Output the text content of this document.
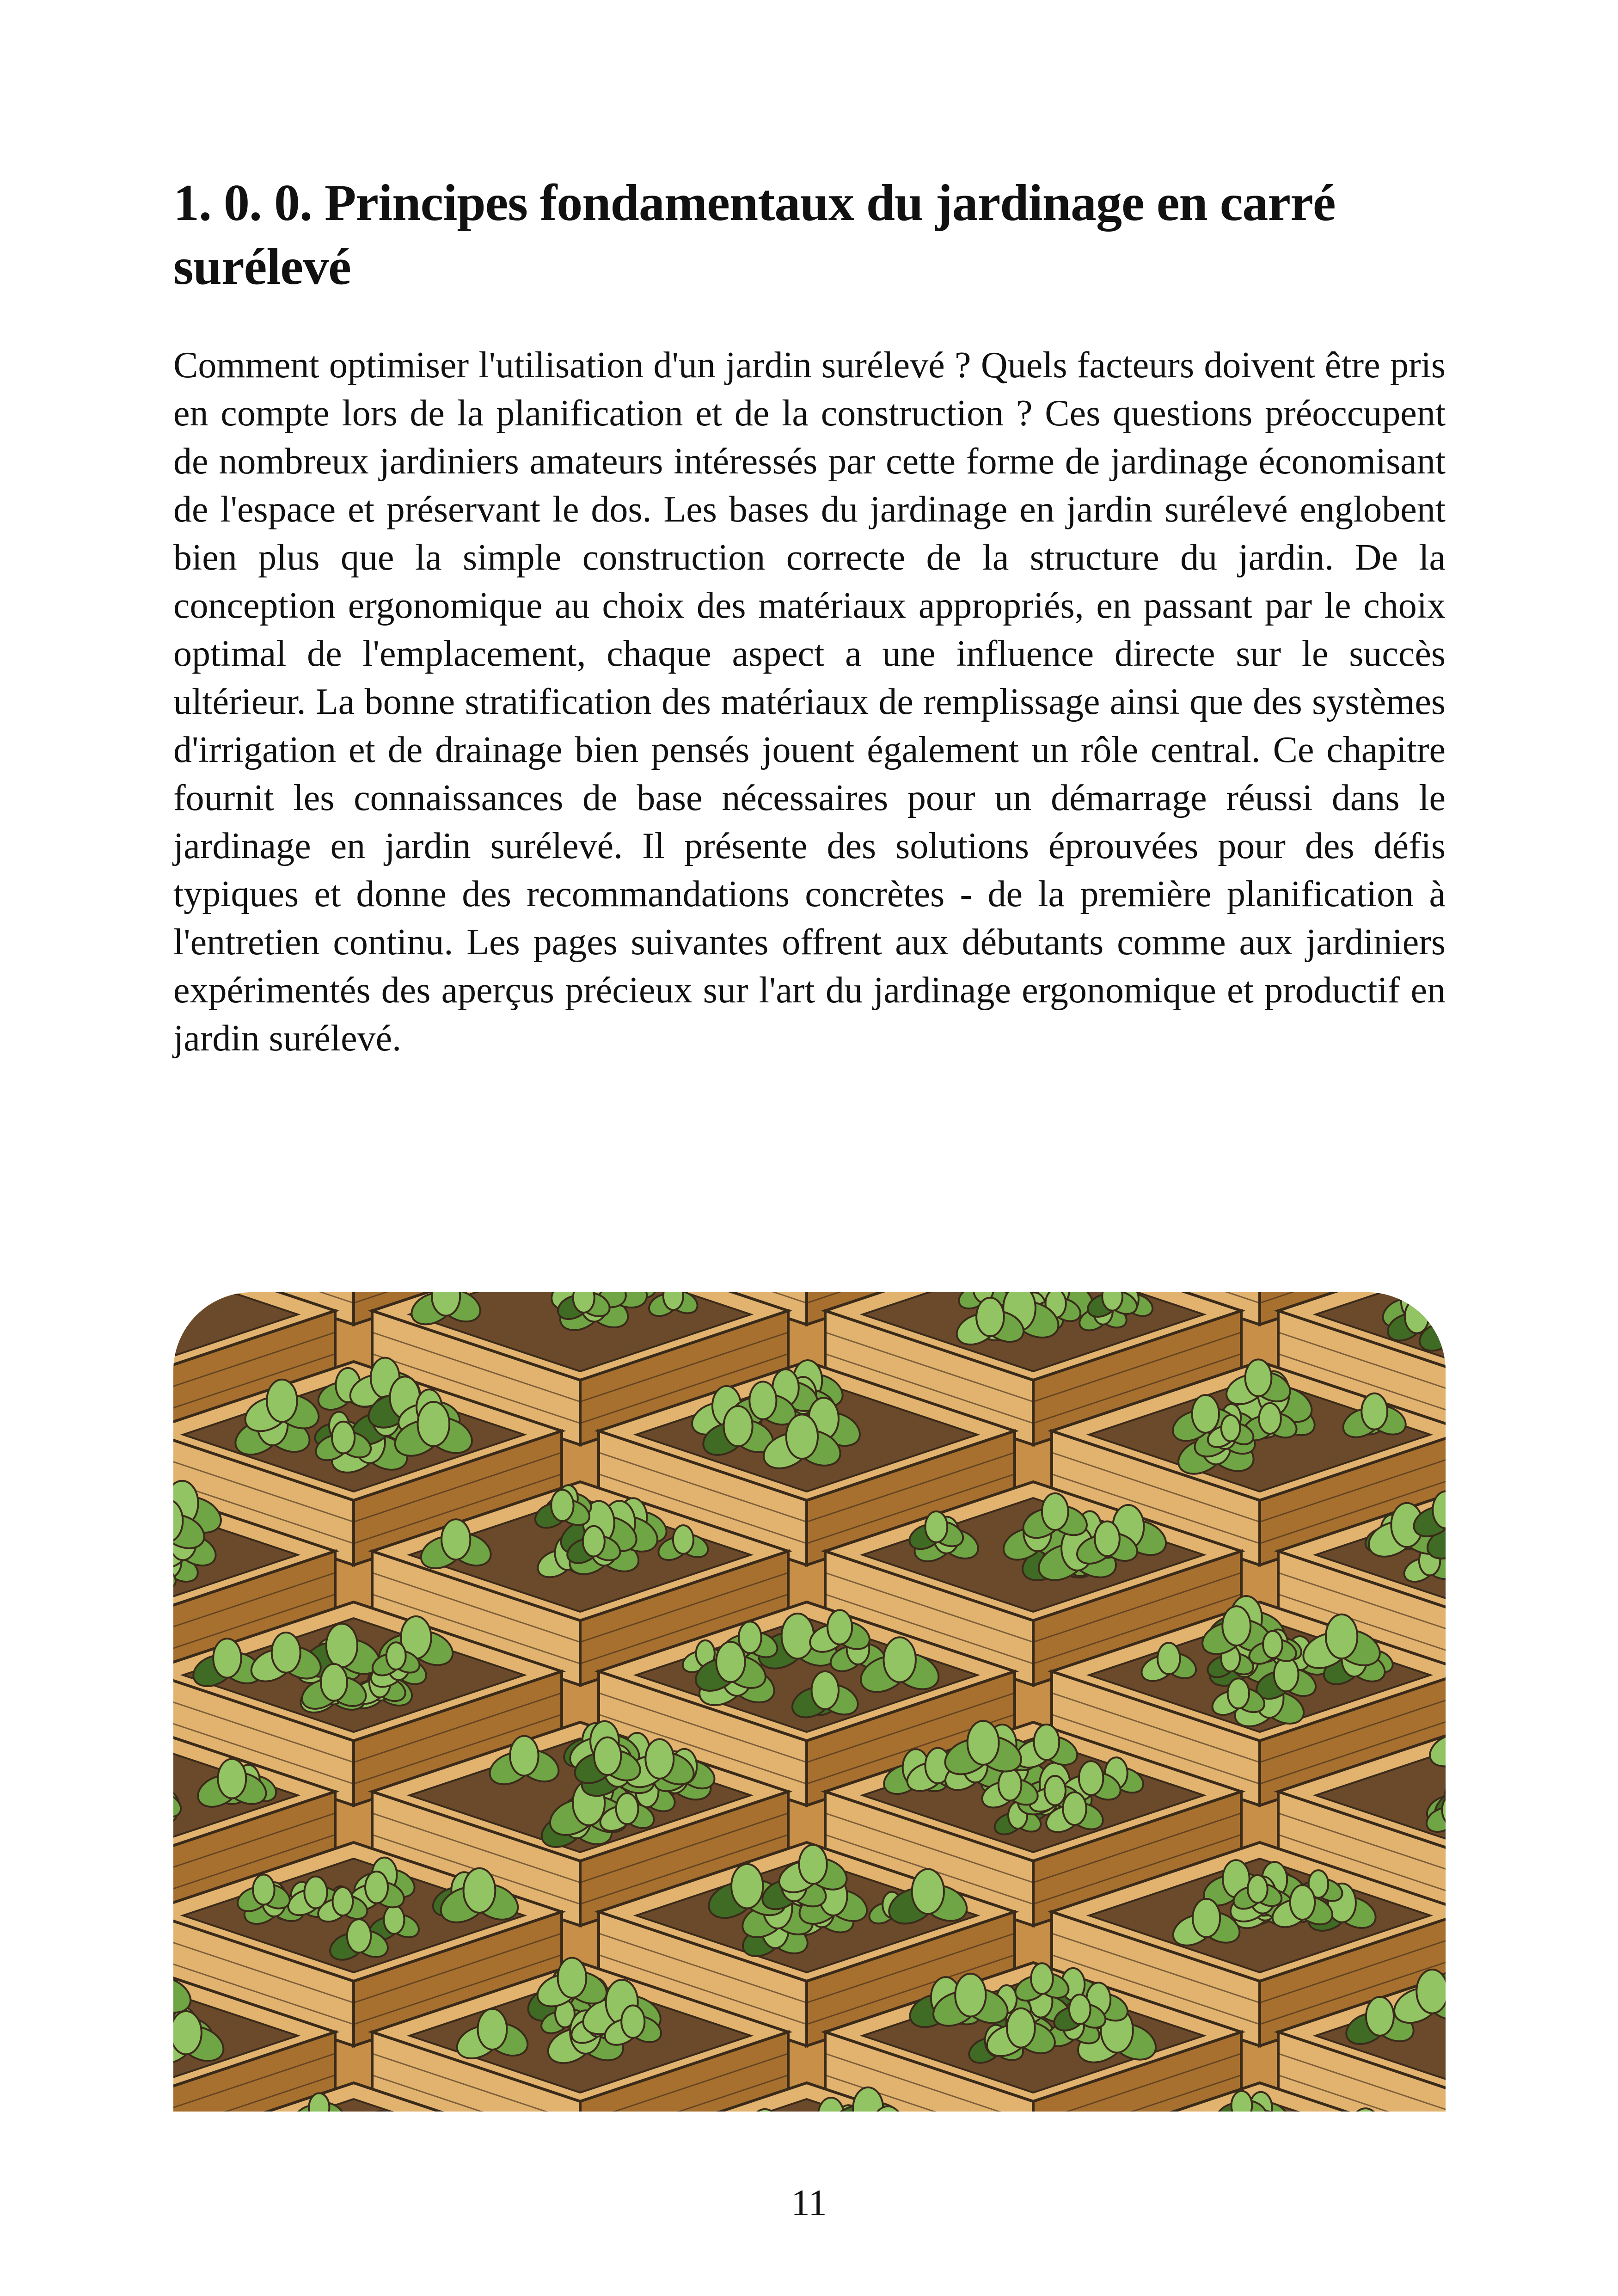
1. 0. 0. Principes fondamentaux du jardinage en carré surélevé

Comment optimiser l'utilisation d'un jardin surélevé ? Quels facteurs doivent être pris en compte lors de la planification et de la construction ? Ces questions préoccupent de nombreux jardiniers amateurs intéressés par cette forme de jardinage économisant de l'espace et préservant le dos. Les bases du jardinage en jardin surélevé englobent bien plus que la simple construction correcte de la structure du jardin. De la conception ergonomique au choix des matériaux appropriés, en passant par le choix optimal de l'emplacement, chaque aspect a une influence directe sur le succès ultérieur. La bonne stratification des matériaux de remplissage ainsi que des systèmes d'irrigation et de drainage bien pensés jouent également un rôle central. Ce chapitre fournit les connaissances de base nécessaires pour un démarrage réussi dans le jardinage en jardin surélevé. Il présente des solutions éprouvées pour des défis typiques et donne des recommandations concrètes - de la première planification à l'entretien continu. Les pages suivantes offrent aux débutants comme aux jardiniers expérimentés des aperçus précieux sur l'art du jardinage ergonomique et productif en jardin surélevé.

11
